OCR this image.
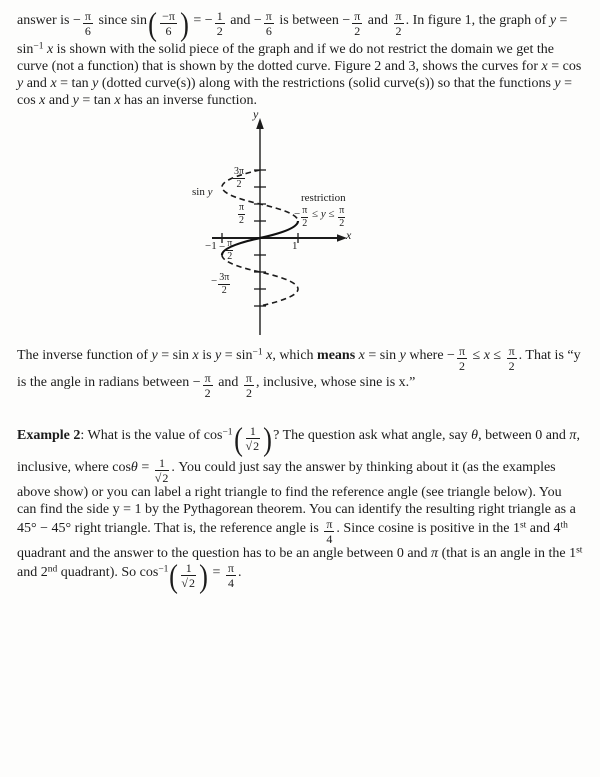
answer is − $\frac{\pi}{6}$ since $\sin( \frac{-\pi}{6}$ ) = − $\frac{1}{2}$ and − $\frac{\pi}{6}$ is between − $\frac{\pi}{2}$ and $\frac{\pi}{2}$ . In figure 1, the graph of $y = \sin^{-1} x$ is shown with the solid piece of the graph and if we do not restrict the domain we get the curve (not a function) that is shown by the dotted curve. Figure 2 and 3, shows the curves for x = cos y and x = tan y (dotted curve(s)) along with the restrictions (solid curve(s)) so that the functions y = cos x and y = tan x has an inverse function.

y
x
sin y	restriction
− $\frac{\pi}{2} \le y \le \frac{\pi}{2}$
$\frac{3\pi}{2}$
$\frac{\pi}{2}$
− $\frac{\pi}{2}$
− $\frac{3\pi}{2}$
−1	1

The inverse function of y = sin x is $y = \sin^{-1} x$, which means x = sin y where − $\frac{\pi}{2} \le x \le \frac{\pi}{2}$ . That is “y is the angle in radians between − $\frac{\pi}{2}$ and $\frac{\pi}{2}$ , inclusive, whose sine is x.”

Example 2: What is the value of $\cos^{-1}( \frac{1}{√2}$ )? The question ask what angle, say θ, between 0 and π, inclusive, where $\cos\theta = \frac{1}{√2}$ . You could just say the answer by thinking about it (as the examples above show) or you can label a right triangle to find the reference angle (see triangle below). You can find the side y = 1 by the Pythagorean theorem. You can identify the resulting right triangle as a 45° − 45° right triangle. That is, the reference angle is $\frac{\pi}{4}$ . Since cosine is positive in the 1st and 4th quadrant and the answer to the question has to be an angle between 0 and π (that is an angle in the 1st and 2nd quadrant). So $\cos^{-1}( \frac{1}{√2}$ ) = $\frac{\pi}{4}$ .
